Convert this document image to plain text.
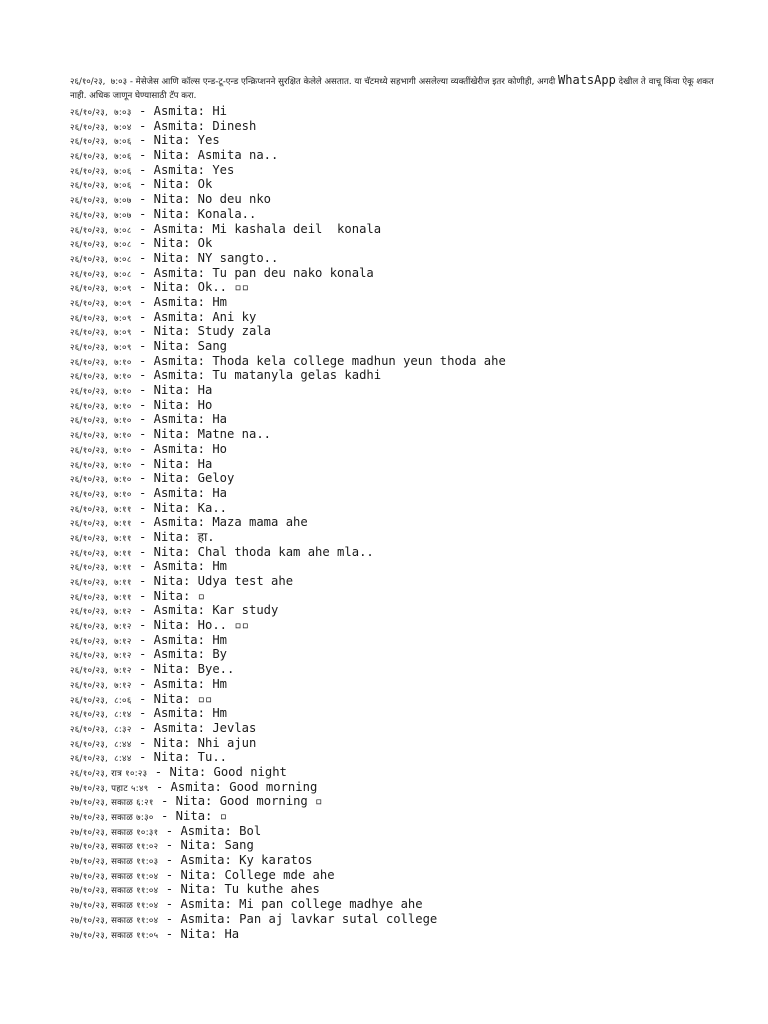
२६/१०/२३,  ७:०३ - मेसेजेस आणि कॉल्स एन्ड-टू-एन्ड एन्क्रिप्शनने सुरक्षित केलेले असतात. या चॅटमध्ये सहभागी असलेल्या व्यक्तींखेरीज इतर कोणीही, अगदी WhatsApp देखील ते वाचू किंवा ऐकू शकत नाही. अधिक जाणून घेण्यासाठी टॅप करा.
२६/१०/२३,  ७:०३ - Asmita: Hi
२६/१०/२३,  ७:०४ - Asmita: Dinesh
२६/१०/२३,  ७:०६ - Nita: Yes
२६/१०/२३,  ७:०६ - Nita: Asmita na..
२६/१०/२३,  ७:०६ - Asmita: Yes
२६/१०/२३,  ७:०६ - Nita: Ok
२६/१०/२३,  ७:०७ - Nita: No deu nko
२६/१०/२३,  ७:०७ - Nita: Konala..
२६/१०/२३,  ७:०८ - Asmita: Mi kashala deil  konala
२६/१०/२३,  ७:०८ - Nita: Ok
२६/१०/२३,  ७:०८ - Nita: NY sangto..
२६/१०/२३,  ७:०८ - Asmita: Tu pan deu nako konala
२६/१०/२३,  ७:०९ - Nita: Ok.. ▫▫
२६/१०/२३,  ७:०९ - Asmita: Hm
२६/१०/२३,  ७:०९ - Asmita: Ani ky
२६/१०/२३,  ७:०९ - Nita: Study zala
२६/१०/२३,  ७:०९ - Nita: Sang
२६/१०/२३,  ७:१० - Asmita: Thoda kela college madhun yeun thoda ahe
२६/१०/२३,  ७:१० - Asmita: Tu matanyla gelas kadhi
२६/१०/२३,  ७:१० - Nita: Ha
२६/१०/२३,  ७:१० - Nita: Ho
२६/१०/२३,  ७:१० - Asmita: Ha
२६/१०/२३,  ७:१० - Nita: Matne na..
२६/१०/२३,  ७:१० - Asmita: Ho
२६/१०/२३,  ७:१० - Nita: Ha
२६/१०/२३,  ७:१० - Nita: Geloy
२६/१०/२३,  ७:१० - Asmita: Ha
२६/१०/२३,  ७:११ - Nita: Ka..
२६/१०/२३,  ७:११ - Asmita: Maza mama ahe
२६/१०/२३,  ७:११ - Nita: हा.
२६/१०/२३,  ७:११ - Nita: Chal thoda kam ahe mla..
२६/१०/२३,  ७:११ - Asmita: Hm
२६/१०/२३,  ७:११ - Nita: Udya test ahe
२६/१०/२३,  ७:११ - Nita: ▫
२६/१०/२३,  ७:१२ - Asmita: Kar study
२६/१०/२३,  ७:१२ - Nita: Ho.. ▫▫
२६/१०/२३,  ७:१२ - Asmita: Hm
२६/१०/२३,  ७:१२ - Asmita: By
२६/१०/२३,  ७:१२ - Nita: Bye..
२६/१०/२३,  ७:१२ - Asmita: Hm
२६/१०/२३,  ८:०६ - Nita: ▫▫
२६/१०/२३,  ८:१४ - Asmita: Hm
२६/१०/२३,  ८:३२ - Asmita: Jevlas
२६/१०/२३,  ८:४४ - Nita: Nhi ajun
२६/१०/२३,  ८:४४ - Nita: Tu..
२६/१०/२३, रात्र १०:२३ - Nita: Good night
२७/१०/२३, पहाट ५:४९ - Asmita: Good morning
२७/१०/२३, सकाळ ६:२१ - Nita: Good morning ▫
२७/१०/२३, सकाळ ७:३० - Nita: ▫
२७/१०/२३, सकाळ १०:३१ - Asmita: Bol
२७/१०/२३, सकाळ ११:०२ - Nita: Sang
२७/१०/२३, सकाळ ११:०३ - Asmita: Ky karatos
२७/१०/२३, सकाळ ११:०४ - Nita: College mde ahe
२७/१०/२३, सकाळ ११:०४ - Nita: Tu kuthe ahes
२७/१०/२३, सकाळ ११:०४ - Asmita: Mi pan college madhye ahe
२७/१०/२३, सकाळ ११:०४ - Asmita: Pan aj lavkar sutal college
२७/१०/२३, सकाळ ११:०५ - Nita: Ha
